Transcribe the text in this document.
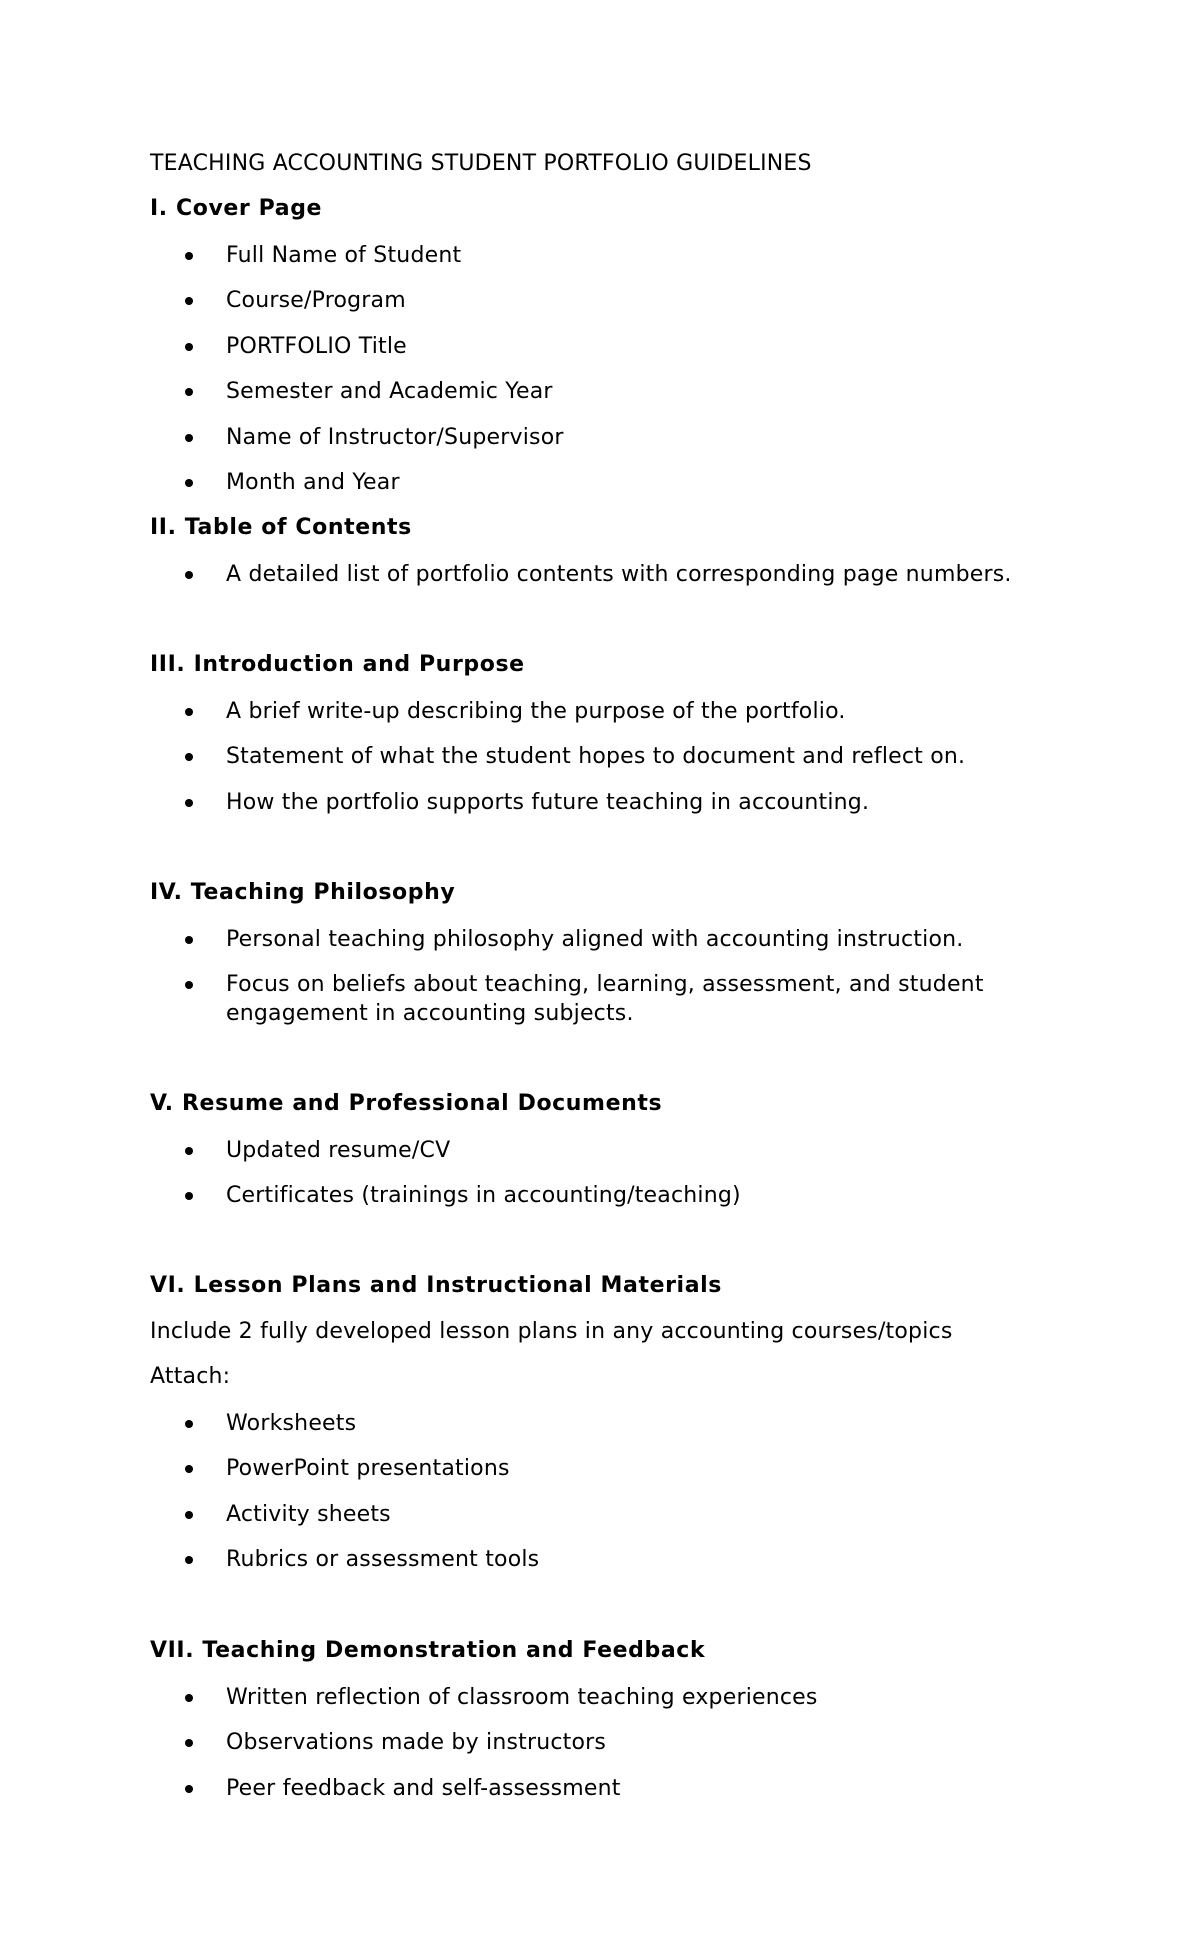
TEACHING ACCOUNTING STUDENT PORTFOLIO GUIDELINES
I. Cover Page
Full Name of Student
Course/Program
PORTFOLIO Title
Semester and Academic Year
Name of Instructor/Supervisor
Month and Year
II. Table of Contents
A detailed list of portfolio contents with corresponding page numbers.
III. Introduction and Purpose
A brief write-up describing the purpose of the portfolio.
Statement of what the student hopes to document and reflect on.
How the portfolio supports future teaching in accounting.
IV. Teaching Philosophy
Personal teaching philosophy aligned with accounting instruction.
Focus on beliefs about teaching, learning, assessment, and student
engagement in accounting subjects.
V. Resume and Professional Documents
Updated resume/CV
Certificates (trainings in accounting/teaching)
VI. Lesson Plans and Instructional Materials
Include 2 fully developed lesson plans in any accounting courses/topics
Attach:
Worksheets
PowerPoint presentations
Activity sheets
Rubrics or assessment tools
VII. Teaching Demonstration and Feedback
Written reflection of classroom teaching experiences
Observations made by instructors
Peer feedback and self-assessment
